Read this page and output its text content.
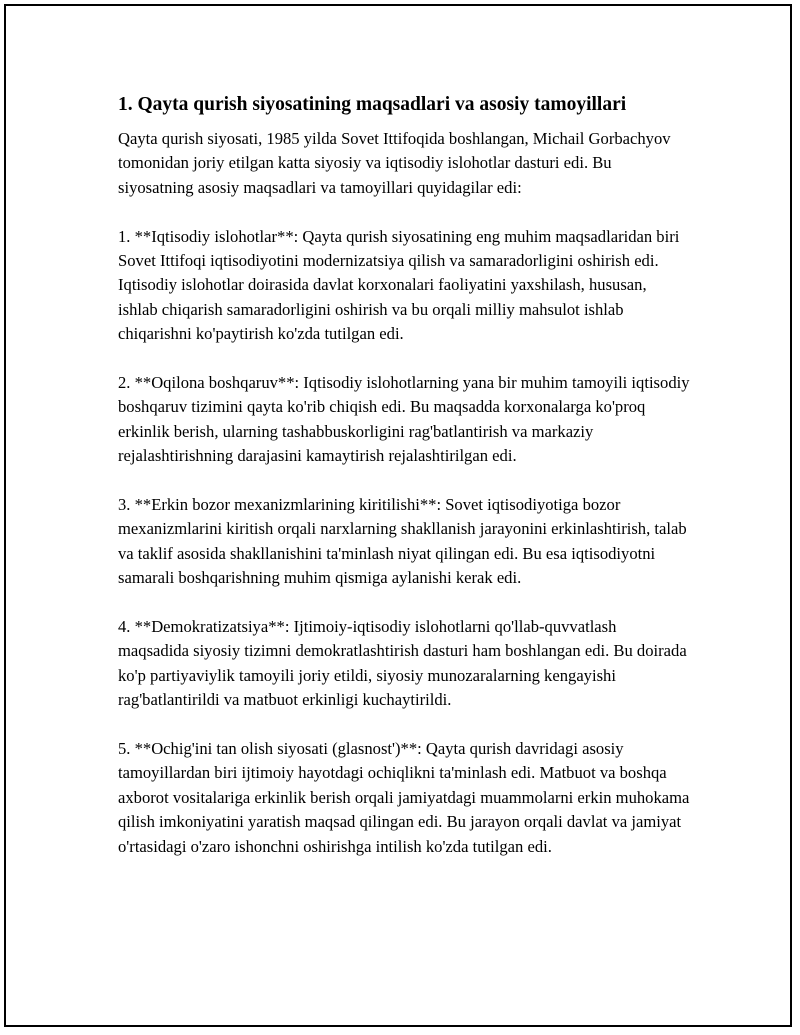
1. Qayta qurish siyosatining maqsadlari va asosiy tamoyillari

Qayta qurish siyosati, 1985 yilda Sovet Ittifoqida boshlangan, Michail Gorbachyov tomonidan joriy etilgan katta siyosiy va iqtisodiy islohotlar dasturi edi. Bu siyosatning asosiy maqsadlari va tamoyillari quyidagilar edi:

1. **Iqtisodiy islohotlar**: Qayta qurish siyosatining eng muhim maqsadlaridan biri Sovet Ittifoqi iqtisodiyotini modernizatsiya qilish va samaradorligini oshirish edi. Iqtisodiy islohotlar doirasida davlat korxonalari faoliyatini yaxshilash, hususan, ishlab chiqarish samaradorligini oshirish va bu orqali milliy mahsulot ishlab chiqarishni ko'paytirish ko'zda tutilgan edi.

2. **Oqilona boshqaruv**: Iqtisodiy islohotlarning yana bir muhim tamoyili iqtisodiy boshqaruv tizimini qayta ko'rib chiqish edi. Bu maqsadda korxonalarga ko'proq erkinlik berish, ularning tashabbuskorligini rag'batlantirish va markaziy rejalashtirishning darajasini kamaytirish rejalashtirilgan edi.

3. **Erkin bozor mexanizmlarining kiritilishi**: Sovet iqtisodiyotiga bozor mexanizmlarini kiritish orqali narxlarning shakllanish jarayonini erkinlashtirish, talab va taklif asosida shakllanishini ta'minlash niyat qilingan edi. Bu esa iqtisodiyotni samarali boshqarishning muhim qismiga aylanishi kerak edi.

4. **Demokratizatsiya**: Ijtimoiy-iqtisodiy islohotlarni qo'llab-quvvatlash maqsadida siyosiy tizimni demokratlashtirish dasturi ham boshlangan edi. Bu doirada ko'p partiyaviylik tamoyili joriy etildi, siyosiy munozaralarning kengayishi rag'batlantirildi va matbuot erkinligi kuchaytirildi.

5. **Ochig'ini tan olish siyosati (glasnost')**: Qayta qurish davridagi asosiy tamoyillardan biri ijtimoiy hayotdagi ochiqlikni ta'minlash edi. Matbuot va boshqa axborot vositalariga erkinlik berish orqali jamiyatdagi muammolarni erkin muhokama qilish imkoniyatini yaratish maqsad qilingan edi. Bu jarayon orqali davlat va jamiyat o'rtasidagi o'zaro ishonchni oshirishga intilish ko'zda tutilgan edi.
